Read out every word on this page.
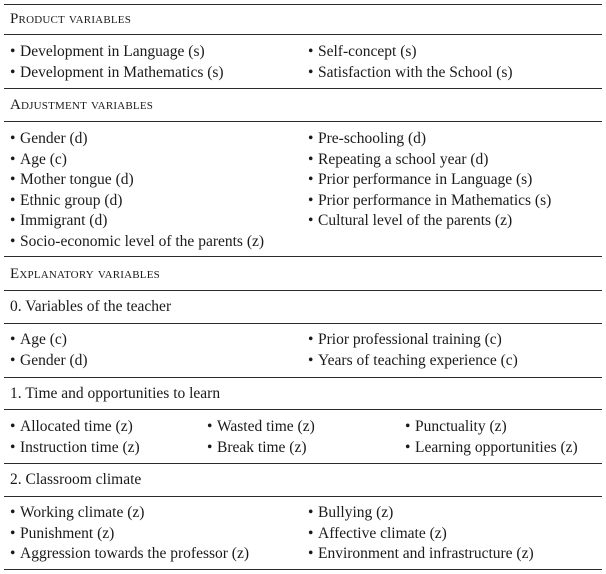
Product variables
• Development in Language (s)
• Development in Mathematics (s)
• Self-concept (s)
• Satisfaction with the School (s)
Adjustment variables
• Gender (d)
• Age (c)
• Mother tongue (d)
• Ethnic group (d)
• Immigrant (d)
• Socio-economic level of the parents (z)
• Pre-schooling (d)
• Repeating a school year (d)
• Prior performance in Language (s)
• Prior performance in Mathematics (s)
• Cultural level of the parents (z)
Explanatory variables
0. Variables of the teacher
• Age (c)
• Gender (d)
• Prior professional training (c)
• Years of teaching experience (c)
1. Time and opportunities to learn
• Allocated time (z)
• Instruction time (z)
• Wasted time (z)
• Break time (z)
• Punctuality (z)
• Learning opportunities (z)
2. Classroom climate
• Working climate (z)
• Punishment (z)
• Aggression towards the professor (z)
• Bullying (z)
• Affective climate (z)
• Environment and infrastructure (z)
